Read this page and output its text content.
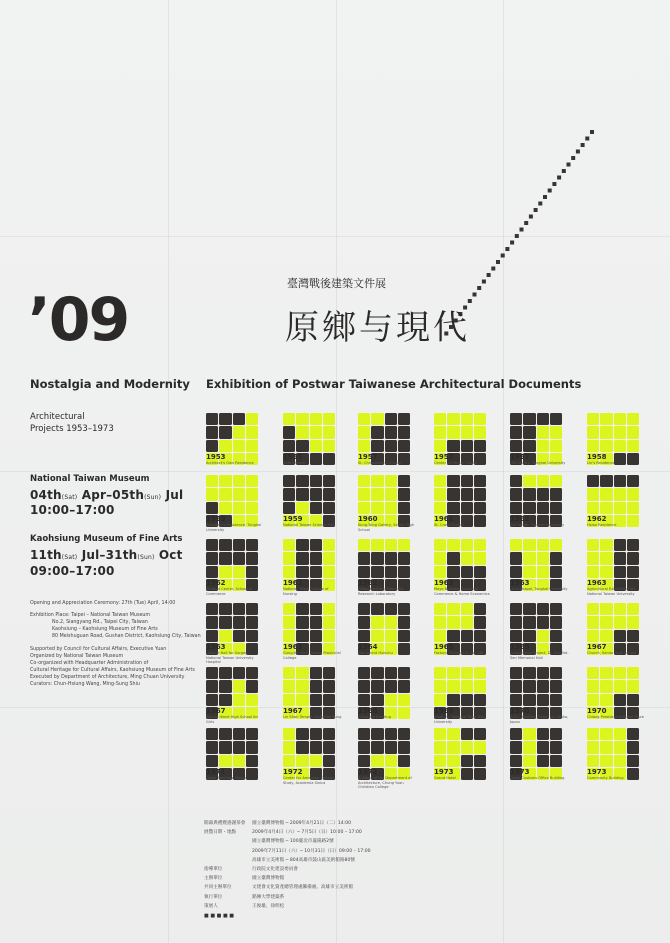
臺灣戰後建築文件展
原鄉与現代
’09
Nostalgia and Modernity Exhibition of Postwar Taiwanese Architectural Documents
Architectural
Projects 1953–1973
National Taiwan Museum
04th(Sat) Apr–05th(Sun) Jul
10:00–17:00
Kaohsiung Museum of Fine Arts
11th(Sat) Jul–31th(Sun) Oct
09:00–17:00
Opening and Appreciation Ceremony: 27th (Tue) April, 14:00
Exhibition Place: Taipei – National Taiwan Museum
No.2, Siangyang Rd., Taipei City, Taiwan
Kaohsiung – Kaohsiung Museum of Fine Arts
80 Meishuguan Road, Gushan District, Kaohsiung City, Taiwan
Supported by Council for Cultural Affairs, Executive Yuan
Organized by National Taiwan Museum
Co-organized with Headquarter Administration of
Cultural Heritage for Cultural Affairs, Kaohsiung Museum of Fine Arts
Executed by Department of Architecture, Ming Chuan University
Curators: Chun-Hsiung Wang, Ming-Sung Shiu
1953
Architect's Own Residence
1955
Ruth Church
1957
St. Christopher's Church
1957
Center for Music / Youth
1957
Old Library, Tunghai University
1958
Lin's Residence
1959
President's Residence, Tunghai University
1959
National Taiwan Science Hall
1960
Kung-Tsing Gallery, Senior High School
1961
St. Cross Church
1962
Art Center, Tunghai University
1962
Hsiao Residence
1962
Student Center, School of Commerce
1962
National Taipei College of Nursing
1962
Alfred Kohlberg Memorial Research Laboratory
1963
Mayo Building, School of Commerce & Home Economics
1963
Luce Chapel, Tunghai University
1963
Agricultural Exhibition Hall, National Taiwan University
1963
Lecture Hall for Surgery, National Taiwan University Hospital
1963
Gung-Yeh Hall, Taiwan Provincial College
1964
Monument Hsinchu
1965
Factory, Shiseido & Co., Ltd.
1965
Competition Project, Dr. Sun Yat-Sen Memorial Hall
1967
Church, Senior High School
1967
Sacred Heart High School for Girls
1967
Lin Shan Temple, Chih-Nan Kung
1968
Chia-Hsin Building
1969
Stadium, National Tsing Hua University
1970
R.O.C. Pavilion, Expo '70, Osaka, Japan
1970
Chiang Presidential Burial Place
1971
Taipei Teachers' House
1972
Center for American Culture Study, Academia Sinica
1972
Building of the Department of Architecture, Chung Yuan Christian College
1973
Grand Hotel
1973
Taipei Customs Office Building
1973
Community Building
開幕典禮暨感謝茶會 國立臺灣博物館 ─ 2009年4月21日（二）14:00
展覽日期・地點	2009年4月4日（六）─ 7月5日（日）10:00 – 17:00
國立臺灣博物館 ─ 100臺北市襄陽路2號
2009年7月11日（六）─ 10月31日（日）09:00 – 17:00
高雄市立美術館 ─ 804高雄市鼓山區美術館路80號
指導單位	行政院文化建設委員會
主辦單位	國立臺灣博物館
共同主辦單位	文建會文化資產總管理處籌備處、高雄市立美術館
執行單位	銘傳大學建築系
策展人	王俊雄、徐明松
■ ■ ■ ■ ■
